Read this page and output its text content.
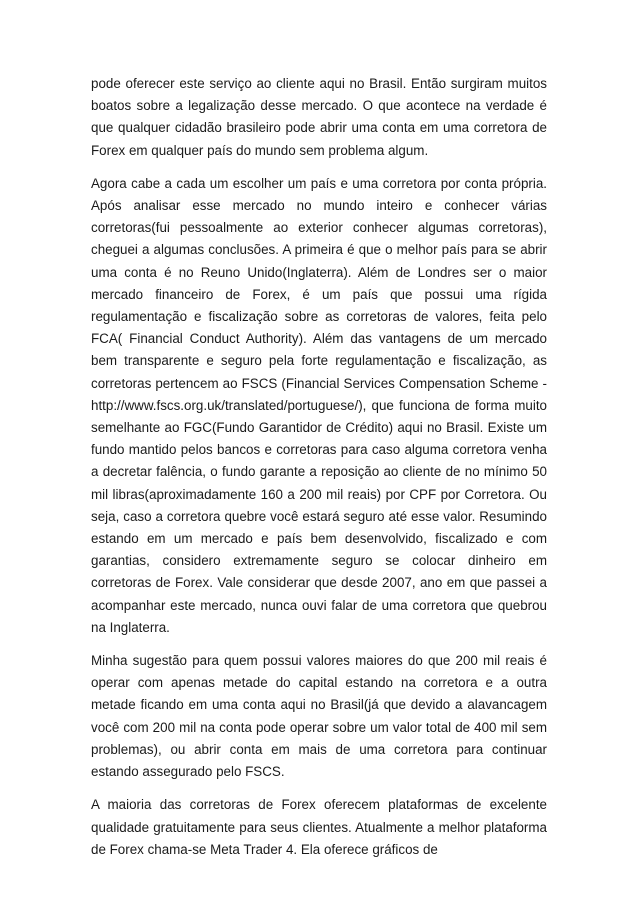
pode oferecer este serviço ao cliente aqui no Brasil. Então surgiram muitos boatos sobre a legalização desse mercado. O que acontece na verdade é que qualquer cidadão brasileiro pode abrir uma conta em uma corretora de Forex em qualquer país do mundo sem problema algum.

Agora cabe a cada um escolher um país e uma corretora por conta própria. Após analisar esse mercado no mundo inteiro e conhecer várias corretoras(fui pessoalmente ao exterior conhecer algumas corretoras), cheguei a algumas conclusões. A primeira é que o melhor país para se abrir uma conta é no Reuno Unido(Inglaterra). Além de Londres ser o maior mercado financeiro de Forex, é um país que possui uma rígida regulamentação e fiscalização sobre as corretoras de valores, feita pelo FCA( Financial Conduct Authority). Além das vantagens de um mercado bem transparente e seguro pela forte regulamentação e fiscalização, as corretoras pertencem ao FSCS (Financial Services Compensation Scheme - http://www.fscs.org.uk/translated/portuguese/), que funciona de forma muito semelhante ao FGC(Fundo Garantidor de Crédito) aqui no Brasil. Existe um fundo mantido pelos bancos e corretoras para caso alguma corretora venha a decretar falência, o fundo garante a reposição ao cliente de no mínimo 50 mil libras(aproximadamente 160 a 200 mil reais) por CPF por Corretora. Ou seja, caso a corretora quebre você estará seguro até esse valor. Resumindo estando em um mercado e país bem desenvolvido, fiscalizado e com garantias, considero extremamente seguro se colocar dinheiro em corretoras de Forex. Vale considerar que desde 2007, ano em que passei a acompanhar este mercado, nunca ouvi falar de uma corretora que quebrou na Inglaterra.

Minha sugestão para quem possui valores maiores do que 200 mil reais é operar com apenas metade do capital estando na corretora e a outra metade ficando em uma conta aqui no Brasil(já que devido a alavancagem você com 200 mil na conta pode operar sobre um valor total de 400 mil sem problemas), ou abrir conta em mais de uma corretora para continuar estando assegurado pelo FSCS.

A maioria das corretoras de Forex oferecem plataformas de excelente qualidade gratuitamente para seus clientes. Atualmente a melhor plataforma de Forex chama-se Meta Trader 4. Ela oferece gráficos de
